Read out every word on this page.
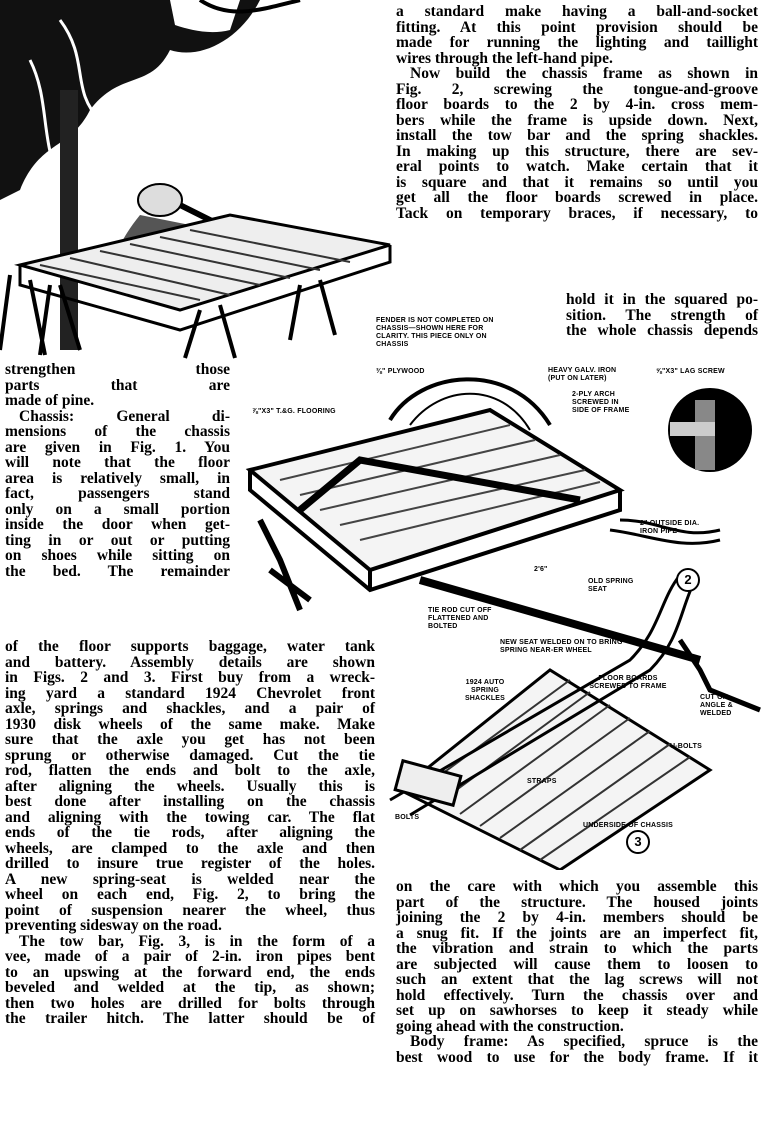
a standard make having a ball-and-socket
fitting. At this point provision should be
made for running the lighting and taillight
wires through the left-hand pipe.
Now build the chassis frame as shown in
Fig. 2, screwing the tongue-and-groove
floor boards to the 2 by 4-in. cross mem-
bers while the frame is upside down. Next,
install the tow bar and the spring shackles.
In making up this structure, there are sev-
eral points to watch. Make certain that it
is square and that it remains so until you
get all the floor boards screwed in place.
Tack on temporary braces, if necessary, to
hold it in the squared po-
sition. The strength of
the whole chassis depends
strengthen those
parts that are
made of pine.
Chassis: General di-
mensions of the chassis
are given in Fig. 1. You
will note that the floor
area is relatively small, in
fact, passengers stand
only on a small portion
inside the door when get-
ting in or out or putting
on shoes while sitting on
the bed. The remainder
of the floor supports baggage, water tank
and battery. Assembly details are shown
in Figs. 2 and 3. First buy from a wreck-
ing yard a standard 1924 Chevrolet front
axle, springs and shackles, and a pair of
1930 disk wheels of the same make. Make
sure that the axle you get has not been
sprung or otherwise damaged. Cut the tie
rod, flatten the ends and bolt to the axle,
after aligning the wheels. Usually this is
best done after installing on the chassis
and aligning with the towing car. The flat
ends of the tie rods, after aligning the
wheels, are clamped to the axle and then
drilled to insure true register of the holes.
A new spring-seat is welded near the
wheel on each end, Fig. 2, to bring the
point of suspension nearer the wheel, thus
preventing sidesway on the road.
The tow bar, Fig. 3, is in the form of a
vee, made of a pair of 2-in. iron pipes bent
to an upswing at the forward end, the ends
beveled and welded at the tip, as shown;
then two holes are drilled for bolts through
the trailer hitch. The latter should be of
on the care with which you assemble this
part of the structure. The housed joints
joining the 2 by 4-in. members should be
a snug fit. If the joints are an imperfect fit,
the vibration and strain to which the parts
are subjected will cause them to loosen to
such an extent that the lag screws will not
hold effectively. Turn the chassis over and
set up on sawhorses to keep it steady while
going ahead with the construction.
Body frame: As specified, spruce is the
best wood to use for the body frame. If it
FENDER IS NOT COMPLETED ON CHASSIS—SHOWN HERE FOR CLARITY. THIS PIECE ONLY ON CHASSIS
⅜" PLYWOOD	HEAVY GALV. IRON (PUT ON LATER)
⅝"X3" LAG SCREW
⅞"X3" T.&G. FLOORING
2-PLY ARCH SCREWED IN SIDE OF FRAME
2" OUTSIDE DIA. IRON PIPE
2'6"
OLD SPRING SEAT
2
TIE ROD CUT OFF FLATTENED AND BOLTED
NEW SEAT WELDED ON TO BRING SPRING NEAR-ER WHEEL
1924 AUTO SPRING SHACKLES
FLOOR BOARDS SCREWED TO FRAME
CUT ON ANGLE & WELDED
U-BOLTS
STRAPS
BOLTS
UNDERSIDE OF CHASSIS
3
